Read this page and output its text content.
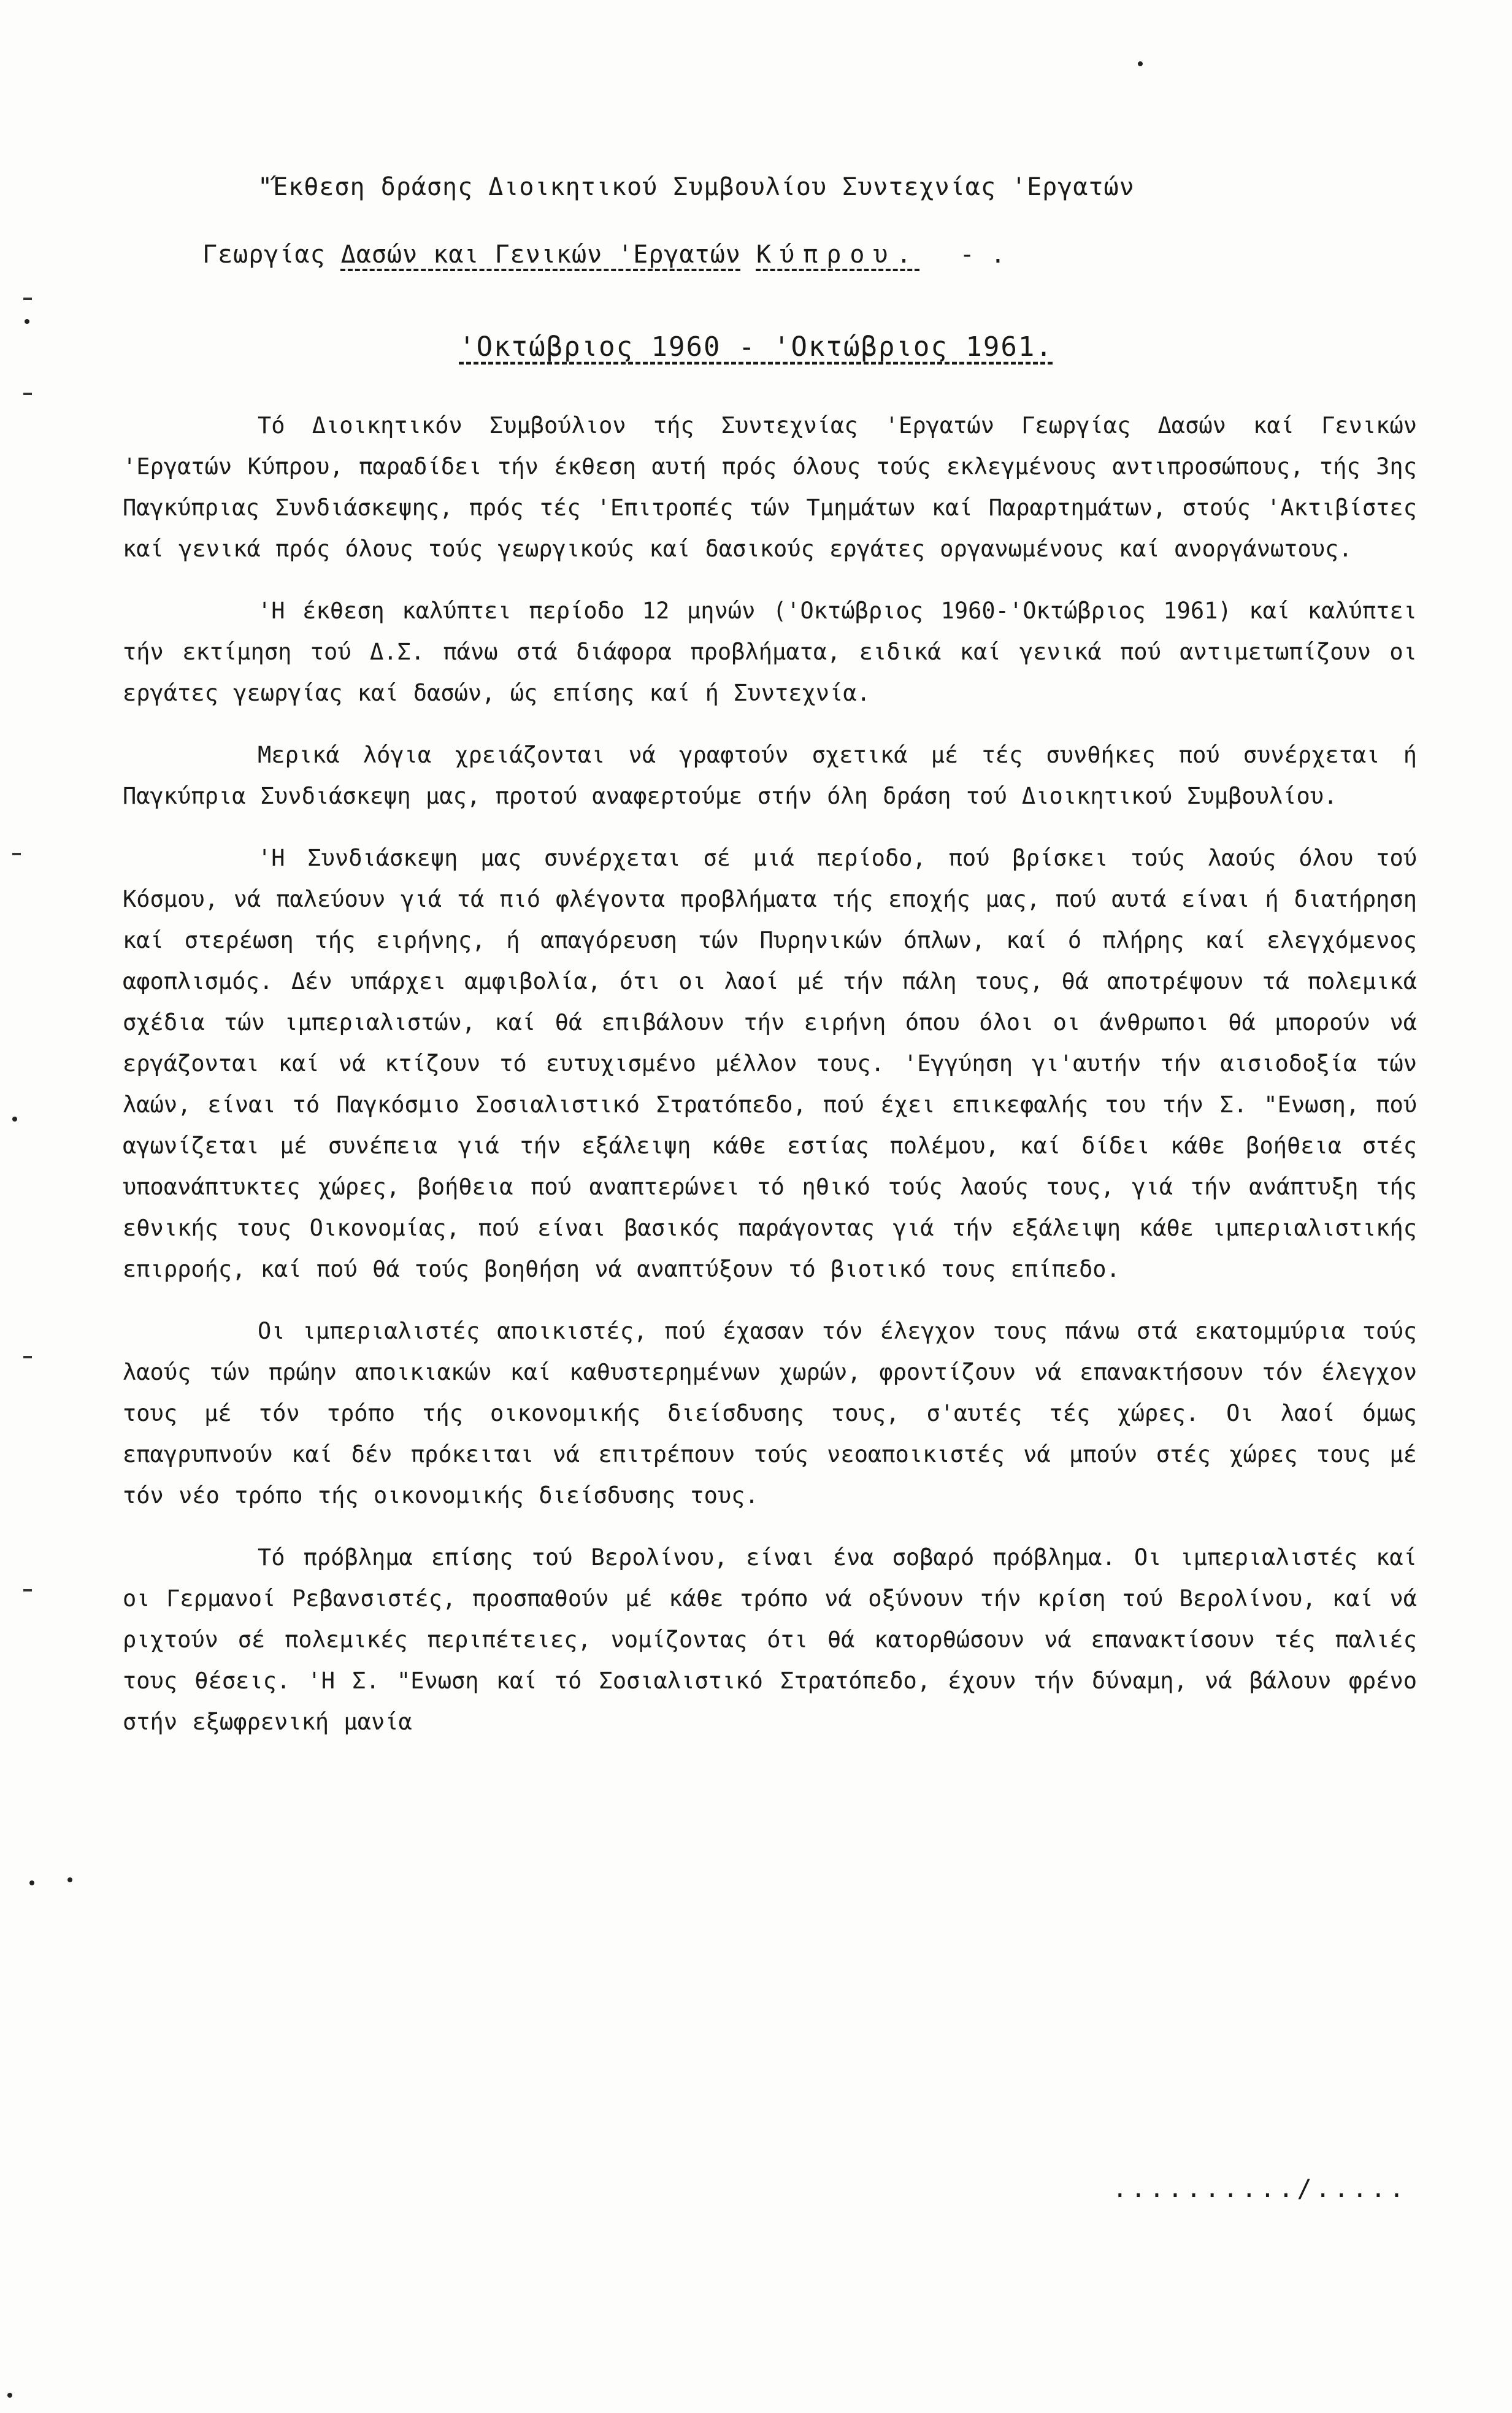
"Έκθεση δράσης Διοικητικού Συμβουλίου Συντεχνίας 'Εργατών
Γεωργίας Δασών και Γενικών 'Εργατών Κύπρου. - .
'Οκτώβριος 1960 - 'Οκτώβριος 1961.

Τό Διοικητικόν Συμβούλιον τής Συντεχνίας 'Εργατών Γεωργίας Δασών καί Γενικών 'Εργατών Κύπρου, παραδίδει τήν έκθεση αυτή πρός όλους τούς εκλεγμένους αντιπροσώπους, τής 3ης Παγκύπριας Συνδιάσκεψης, πρός τές 'Επιτροπές τών Τμημάτων καί Παραρτημάτων, στούς 'Ακτιβίστες καί γενικά πρός όλους τούς γεωργικούς καί δασικούς εργάτες οργανωμένους καί ανοργάνωτους.

'Η έκθεση καλύπτει περίοδο 12 μηνών ('Οκτώβριος 1960-'Οκτώβριος 1961) καί καλύπτει τήν εκτίμηση τού Δ.Σ. πάνω στά διάφορα προβλήματα, ειδικά καί γενικά πού αντιμετωπίζουν οι εργάτες γεωργίας καί δασών, ώς επίσης καί ή Συντεχνία.

Μερικά λόγια χρειάζονται νά γραφτούν σχετικά μέ τές συνθήκες πού συνέρχεται ή Παγκύπρια Συνδιάσκεψη μας, προτού αναφερτούμε στήν όλη δράση τού Διοικητικού Συμβουλίου.

'Η Συνδιάσκεψη μας συνέρχεται σέ μιά περίοδο, πού βρίσκει τούς λαούς όλου τού Κόσμου, νά παλεύουν γιά τά πιό φλέγοντα προβλήματα τής εποχής μας, πού αυτά είναι ή διατήρηση καί στερέωση τής ειρήνης, ή απαγόρευση τών Πυρηνικών όπλων, καί ό πλήρης καί ελεγχόμενος αφοπλισμός. Δέν υπάρχει αμφιβολία, ότι οι λαοί μέ τήν πάλη τους, θά αποτρέψουν τά πολεμικά σχέδια τών ιμπεριαλιστών, καί θά επιβάλουν τήν ειρήνη όπου όλοι οι άνθρωποι θά μπορούν νά εργάζονται καί νά κτίζουν τό ευτυχισμένο μέλλον τους. 'Εγγύηση γι'αυτήν τήν αισιοδοξία τών λαών, είναι τό Παγκόσμιο Σοσιαλιστικό Στρατόπεδο, πού έχει επικεφαλής του τήν Σ. "Ενωση, πού αγωνίζεται μέ συνέπεια γιά τήν εξάλειψη κάθε εστίας πολέμου, καί δίδει κάθε βοήθεια στές υποανάπτυκτες χώρες, βοήθεια πού αναπτερώνει τό ηθικό τούς λαούς τους, γιά τήν ανάπτυξη τής εθνικής τους Οικονομίας, πού είναι βασικός παράγοντας γιά τήν εξάλειψη κάθε ιμπεριαλιστικής επιρροής, καί πού θά τούς βοηθήση νά αναπτύξουν τό βιοτικό τους επίπεδο.

Οι ιμπεριαλιστές αποικιστές, πού έχασαν τόν έλεγχον τους πάνω στά εκατομμύρια τούς λαούς τών πρώην αποικιακών καί καθυστερημένων χωρών, φροντίζουν νά επανακτήσουν τόν έλεγχον τους μέ τόν τρόπο τής οικονομικής διείσδυσης τους, σ'αυτές τές χώρες. Οι λαοί όμως επαγρυπνούν καί δέν πρόκειται νά επιτρέπουν τούς νεοαποικιστές νά μπούν στές χώρες τους μέ τόν νέο τρόπο τής οικονομικής διείσδυσης τους.

Τό πρόβλημα επίσης τού Βερολίνου, είναι ένα σοβαρό πρόβλημα. Οι ιμπεριαλιστές καί οι Γερμανοί Ρεβανσιστές, προσπαθούν μέ κάθε τρόπο νά οξύνουν τήν κρίση τού Βερολίνου, καί νά ριχτούν σέ πολεμικές περιπέτειες, νομίζοντας ότι θά κατορθώσουν νά επανακτίσουν τές παλιές τους θέσεις. 'Η Σ. "Ενωση καί τό Σοσιαλιστικό Στρατόπεδο, έχουν τήν δύναμη, νά βάλουν φρένο στήν εξωφρενική μανία

........../.....
